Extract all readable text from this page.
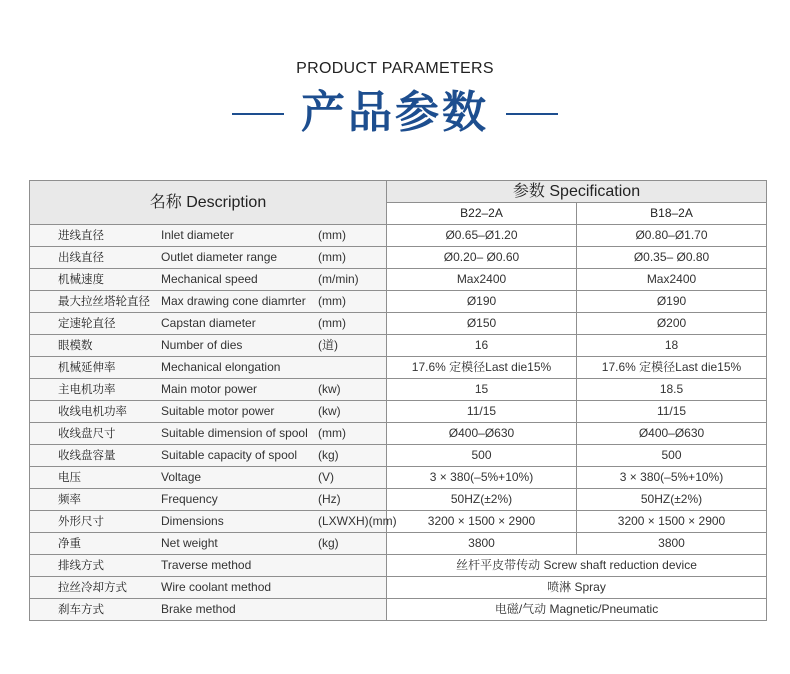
PRODUCT PARAMETERS
产品参数
名称 Description	参数 Specification	
	B22–2A	B18–2A

进线直径 Inlet diameter (mm)	Ø0.65–Ø1.20	Ø0.80–Ø1.70

出线直径 Outlet diameter range (mm)	Ø0.20– Ø0.60	Ø0.35– Ø0.80

机械速度 Mechanical speed (m/min)	Max2400	Max2400

最大拉丝塔轮直径 Max drawing cone diamrter (mm)	Ø190	Ø190

定速轮直径 Capstan diameter (mm)	Ø150	Ø200

眼模数 Number of dies (道)	16	18

机械延伸率 Mechanical elongation	17.6% 定模径Last die15%	17.6% 定模径Last die15%

主电机功率 Main motor power (kw)	15	18.5

收线电机功率 Suitable motor power (kw)	11/15	11/15

收线盘尺寸 Suitable dimension of spool (mm)	Ø400–Ø630	Ø400–Ø630

收线盘容量 Suitable capacity of spool (kg)	500	500

电压 Voltage (V)	3 × 380(–5%+10%)	3 × 380(–5%+10%)

频率 Frequency (Hz)	50HZ(±2%)	50HZ(±2%)

外形尺寸 Dimensions (LXWXH)(mm)	3200 × 1500 × 2900	3200 × 1500 × 2900

净重 Net weight (kg)	3800	3800

排线方式 Traverse method	丝杆平皮带传动 Screw shaft reduction device	

拉丝冷却方式 Wire coolant method	喷淋 Spray	

刹车方式 Brake method	电磁/气动 Magnetic/Pneumatic	
